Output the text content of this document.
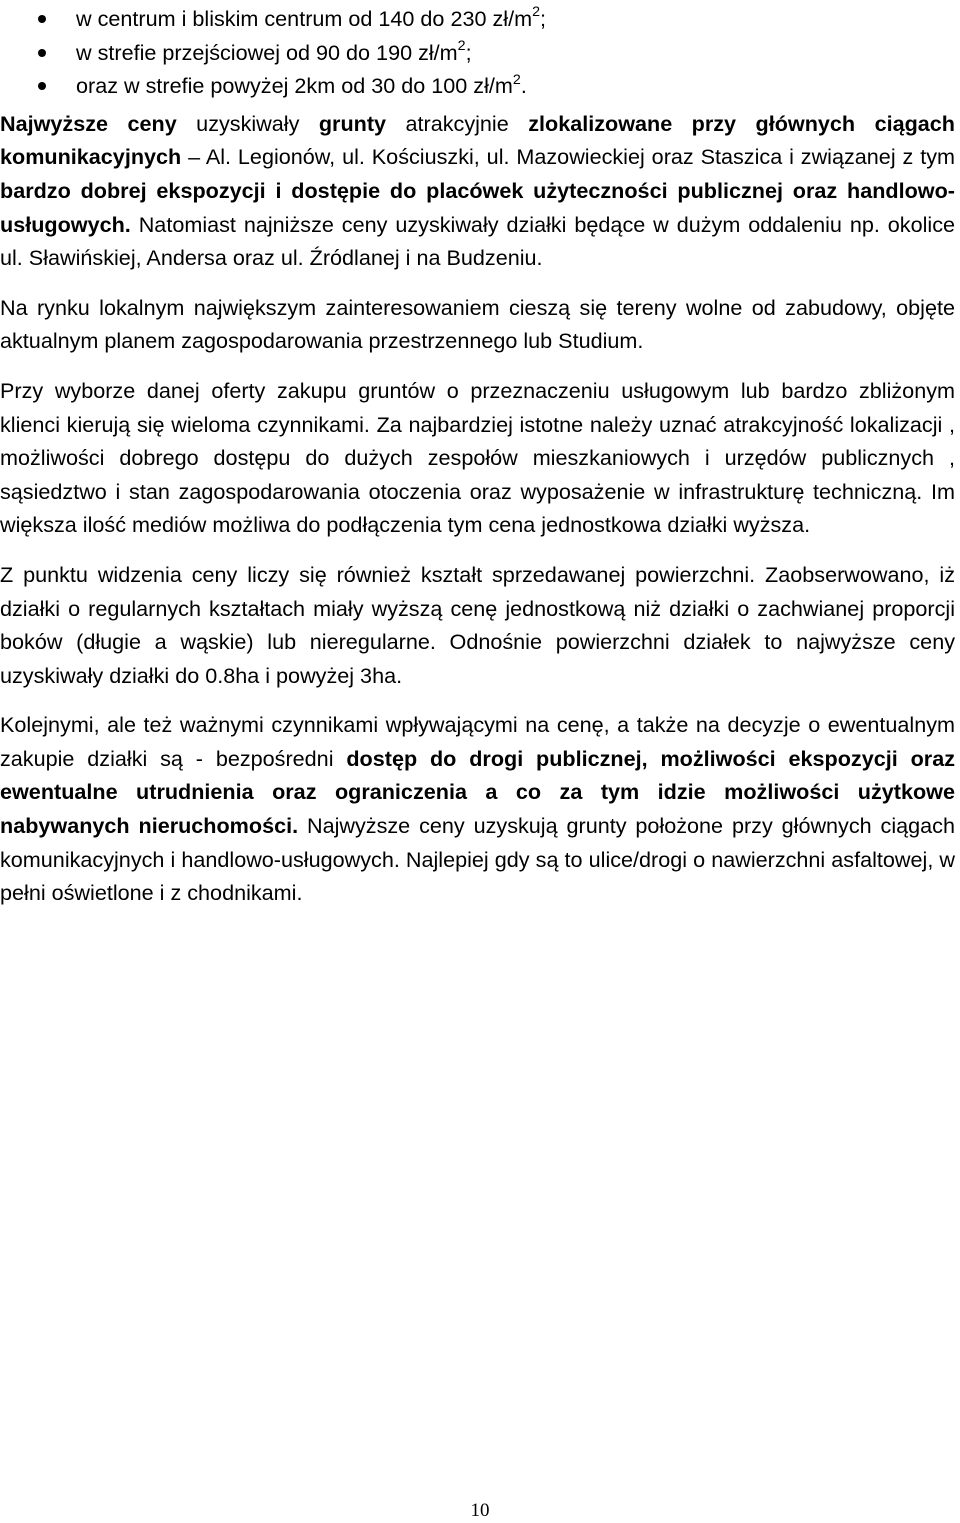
w centrum i bliskim centrum od 140 do 230 $zł/m^2$;
w strefie przejściowej od 90 do 190 $zł/m^2$;
oraz w strefie powyżej 2km od 30 do 100 $zł/m^2$.

Najwyższe ceny uzyskiwały grunty atrakcyjnie zlokalizowane przy głównych ciągach komunikacyjnych – Al. Legionów, ul. Kościuszki, ul. Mazowieckiej oraz Staszica i związanej z tym bardzo dobrej ekspozycji i dostępie do placówek użyteczności publicznej oraz handlowo-usługowych. Natomiast najniższe ceny uzyskiwały działki będące w dużym oddaleniu np. okolice ul. Sławińskiej, Andersa oraz ul. Źródlanej i na Budzeniu.

Na rynku lokalnym największym zainteresowaniem cieszą się tereny wolne od zabudowy, objęte aktualnym planem zagospodarowania przestrzennego lub Studium.

Przy wyborze danej oferty zakupu gruntów o przeznaczeniu usługowym lub bardzo zbliżonym klienci kierują się wieloma czynnikami. Za najbardziej istotne należy uznać atrakcyjność lokalizacji , możliwości dobrego dostępu do dużych zespołów mieszkaniowych i urzędów publicznych , sąsiedztwo i stan zagospodarowania otoczenia oraz wyposażenie w infrastrukturę techniczną. Im większa ilość mediów możliwa do podłączenia tym cena jednostkowa działki wyższa.

Z punktu widzenia ceny liczy się również kształt sprzedawanej powierzchni. Zaobserwowano, iż działki o regularnych kształtach miały wyższą cenę jednostkową niż działki o zachwianej proporcji boków (długie a wąskie) lub nieregularne. Odnośnie powierzchni działek to najwyższe ceny uzyskiwały działki do 0.8ha i powyżej 3ha.

Kolejnymi, ale też ważnymi czynnikami wpływającymi na cenę, a także na decyzje o ewentualnym zakupie działki są - bezpośredni dostęp do drogi publicznej, możliwości ekspozycji oraz ewentualne utrudnienia oraz ograniczenia a co za tym idzie możliwości użytkowe nabywanych nieruchomości. Najwyższe ceny uzyskują grunty położone przy głównych ciągach komunikacyjnych i handlowo-usługowych. Najlepiej gdy są to ulice/drogi o nawierzchni asfaltowej, w pełni oświetlone i z chodnikami.

10
